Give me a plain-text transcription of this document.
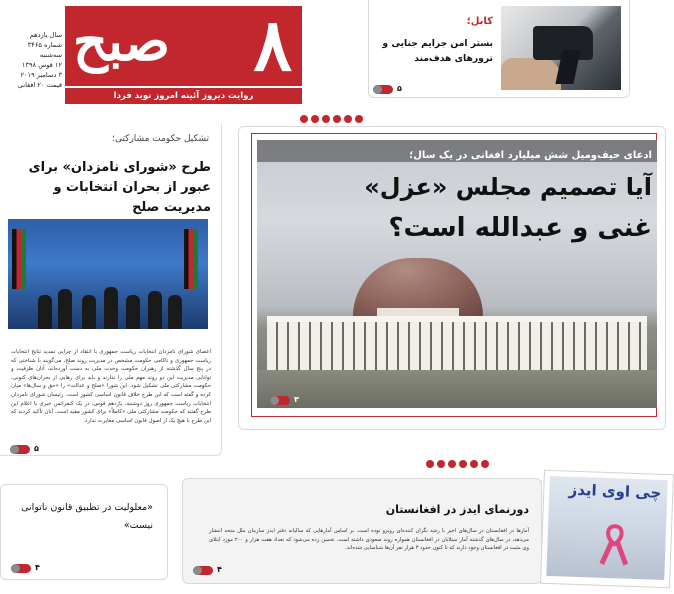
سال یازدهم
شماره ۳۴۶۵
سه‌شنبه
۱۲ قوس ۱۳۹۸
۳ دسامبر ۲۰۱۹
قیمت ۲۰ افغانی
صبح ۸
روایت دیروز آئینه امروز نوید فردا
کابل؛
بستر امن جرایم جنایی و ترورهای هدف‌مند
۵
تشکیل حکومت مشارکتی؛
طرح «شورای نامزدان» برای عبور از بحران انتخابات و مدیریت صلح
اعضای شورای نامزدان انتخابات ریاست جمهوری با انتقاد از چرایی تمدید نتایج انتخابات ریاست جمهوری و ناکامی حکومت مشخص در مدیریت روند صلح، می‌گویند با شناختی که در پنج سال گذشته از رهبران حکومت وحدت ملی به دست آورده‌اند، آنان ظرفیت و توانایی مدیریت این دو روند مهم ملی را ندارند و باید برای رهایی از بحران‌های کنونی، حکومت مشارکتی ملی تشکیل شود. این شورا «صلح و عدالت» را «حق و سال‌ها» میان کرده و گفته است که این طرح خلاف قانون اساسی کشور است. رئیسان شورای نامزدان انتخابات ریاست جمهوری روز دوشنبه، یازدهم قوس، در یک کنفرانس خبری با اعلام این طرح گفتند که حکومت مشارکتی ملی «کاملاً» برای کشور مفید است. آنان تأکید کردند که این طرح با هیچ یک از اصول قانون اساسی مغایرت ندارد.
۵
ادعای حیف‌ومیل شش میلیارد افغانی در یک سال؛
آیا تصمیم مجلس «عزل»
غنی و عبدالله است؟
۳
«معلولیت در تطبیق قانون ناتوانی نیست»
۴
دورنمای ایدز در افغانستان
آمارها در افغانستان در سال‌های اخیر با رشد نگران کننده‌ای روبرو بوده است. بر اساس آمارهایی که سالیانه دفتر ایدز سازمان ملل متحد انتشار می‌دهد، در سال‌های گذشته آمار مبتلایان در افغانستان همواره روند صعودی داشته است. تخمین زده می‌شود که تعداد هفت هزار و ۲۰۰ مورد ابتلا‌ی وی مثبت در افغانستان وجود دارند که تا کنون حدود ۳ هزار نفر آن‌ها شناسایی شده‌اند.
۴
چی اوی ایدز
